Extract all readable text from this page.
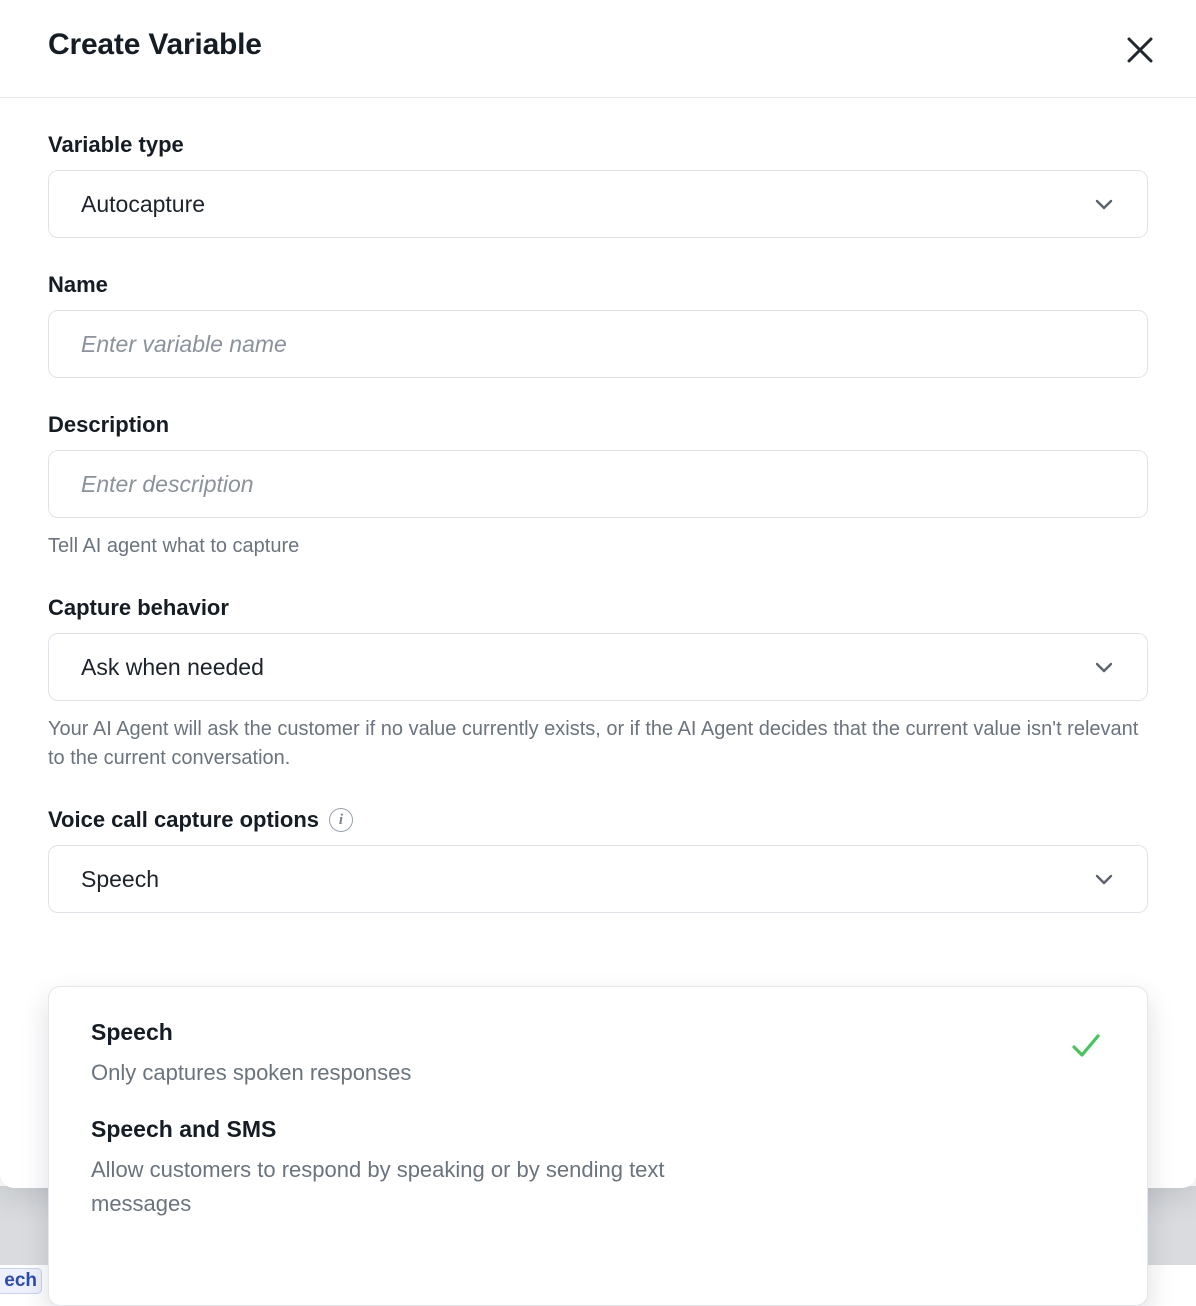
ech
Create Variable
Variable type
Autocapture
Name
Enter variable name
Description
Enter description
Tell AI agent what to capture
Capture behavior
Ask when needed
Your AI Agent will ask the customer if no value currently exists, or if the AI Agent decides that the current value isn't relevant to the current conversation.
Voice call capture options	i
Speech
Speech
Only captures spoken responses
Speech and SMS
Allow customers to respond by speaking or by sending text messages
